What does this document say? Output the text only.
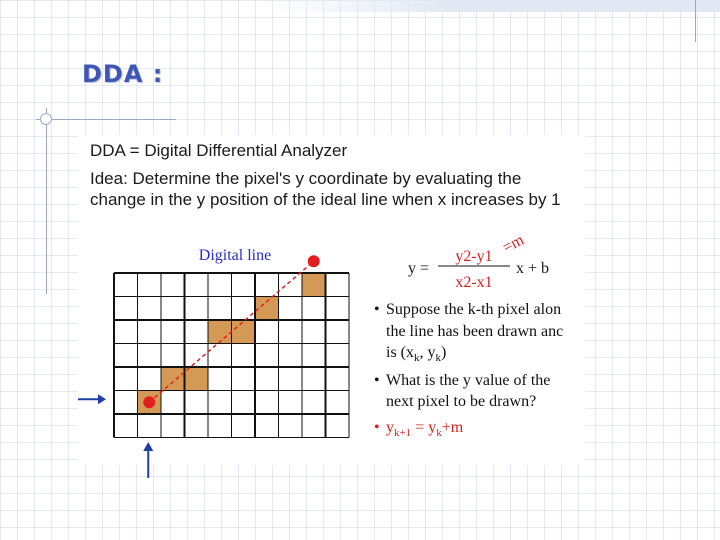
DDA :
DDA = Digital Differential Analyzer
Idea: Determine the pixel's y coordinate by evaluating the change in the y position of the ideal line when x increases by 1
Digital line
y =
y2-y1
x2-x1
=m
x + b
• Suppose the k-th pixel alon
the line has been drawn anc
is ($x_k$, $y_k$)
• What is the y value of the
next pixel to be drawn?
• $y_{k+1} = y_k+m$
